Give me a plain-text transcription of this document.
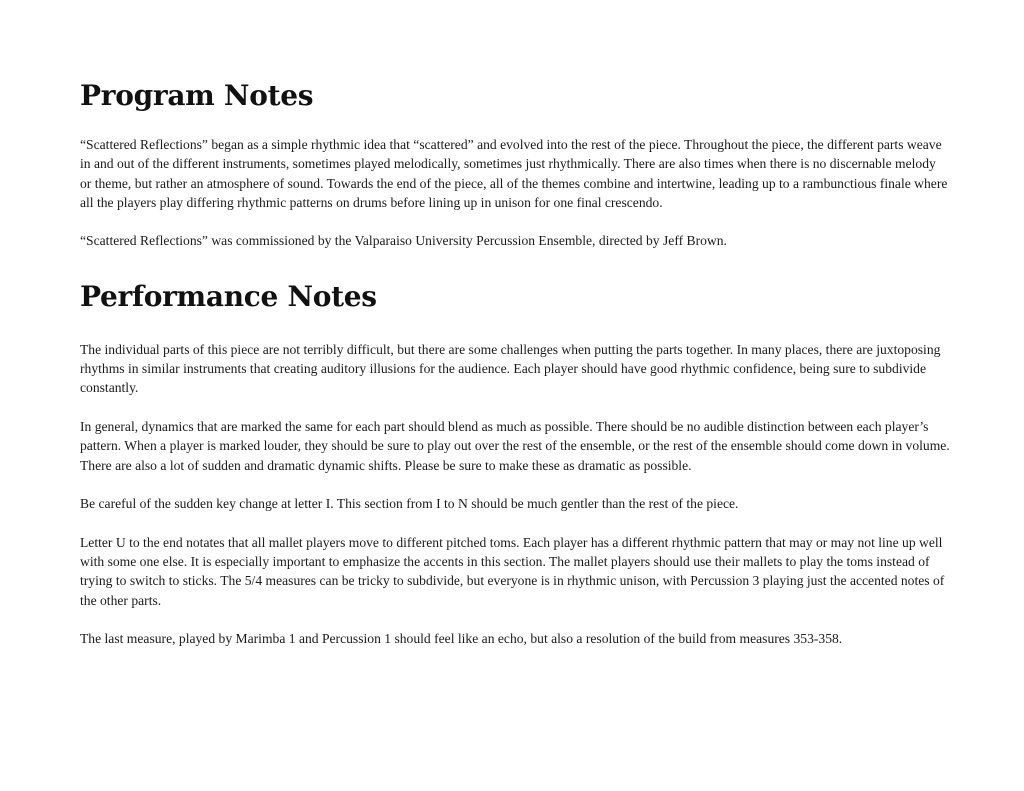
Program Notes

“Scattered Reflections” began as a simple rhythmic idea that “scattered” and evolved into the rest of the piece. Throughout the piece, the different parts weave in and out of the different instruments, sometimes played melodically, sometimes just rhythmically. There are also times when there is no discernable melody or theme, but rather an atmosphere of sound. Towards the end of the piece, all of the themes combine and intertwine, leading up to a rambunctious finale where all the players play differing rhythmic patterns on drums before lining up in unison for one final crescendo.

“Scattered Reflections” was commissioned by the Valparaiso University Percussion Ensemble, directed by Jeff Brown.

Performance Notes

The individual parts of this piece are not terribly difficult, but there are some challenges when putting the parts together. In many places, there are juxtoposing rhythms in similar instruments that creating auditory illusions for the audience. Each player should have good rhythmic confidence, being sure to subdivide constantly.

In general, dynamics that are marked the same for each part should blend as much as possible. There should be no audible distinction between each player’s pattern. When a player is marked louder, they should be sure to play out over the rest of the ensemble, or the rest of the ensemble should come down in volume. There are also a lot of sudden and dramatic dynamic shifts. Please be sure to make these as dramatic as possible.

Be careful of the sudden key change at letter I. This section from I to N should be much gentler than the rest of the piece.

Letter U to the end notates that all mallet players move to different pitched toms. Each player has a different rhythmic pattern that may or may not line up well with some one else. It is especially important to emphasize the accents in this section. The mallet players should use their mallets to play the toms instead of trying to switch to sticks. The 5/4 measures can be tricky to subdivide, but everyone is in rhythmic unison, with Percussion 3 playing just the accented notes of the other parts.

The last measure, played by Marimba 1 and Percussion 1 should feel like an echo, but also a resolution of the build from measures 353-358.
